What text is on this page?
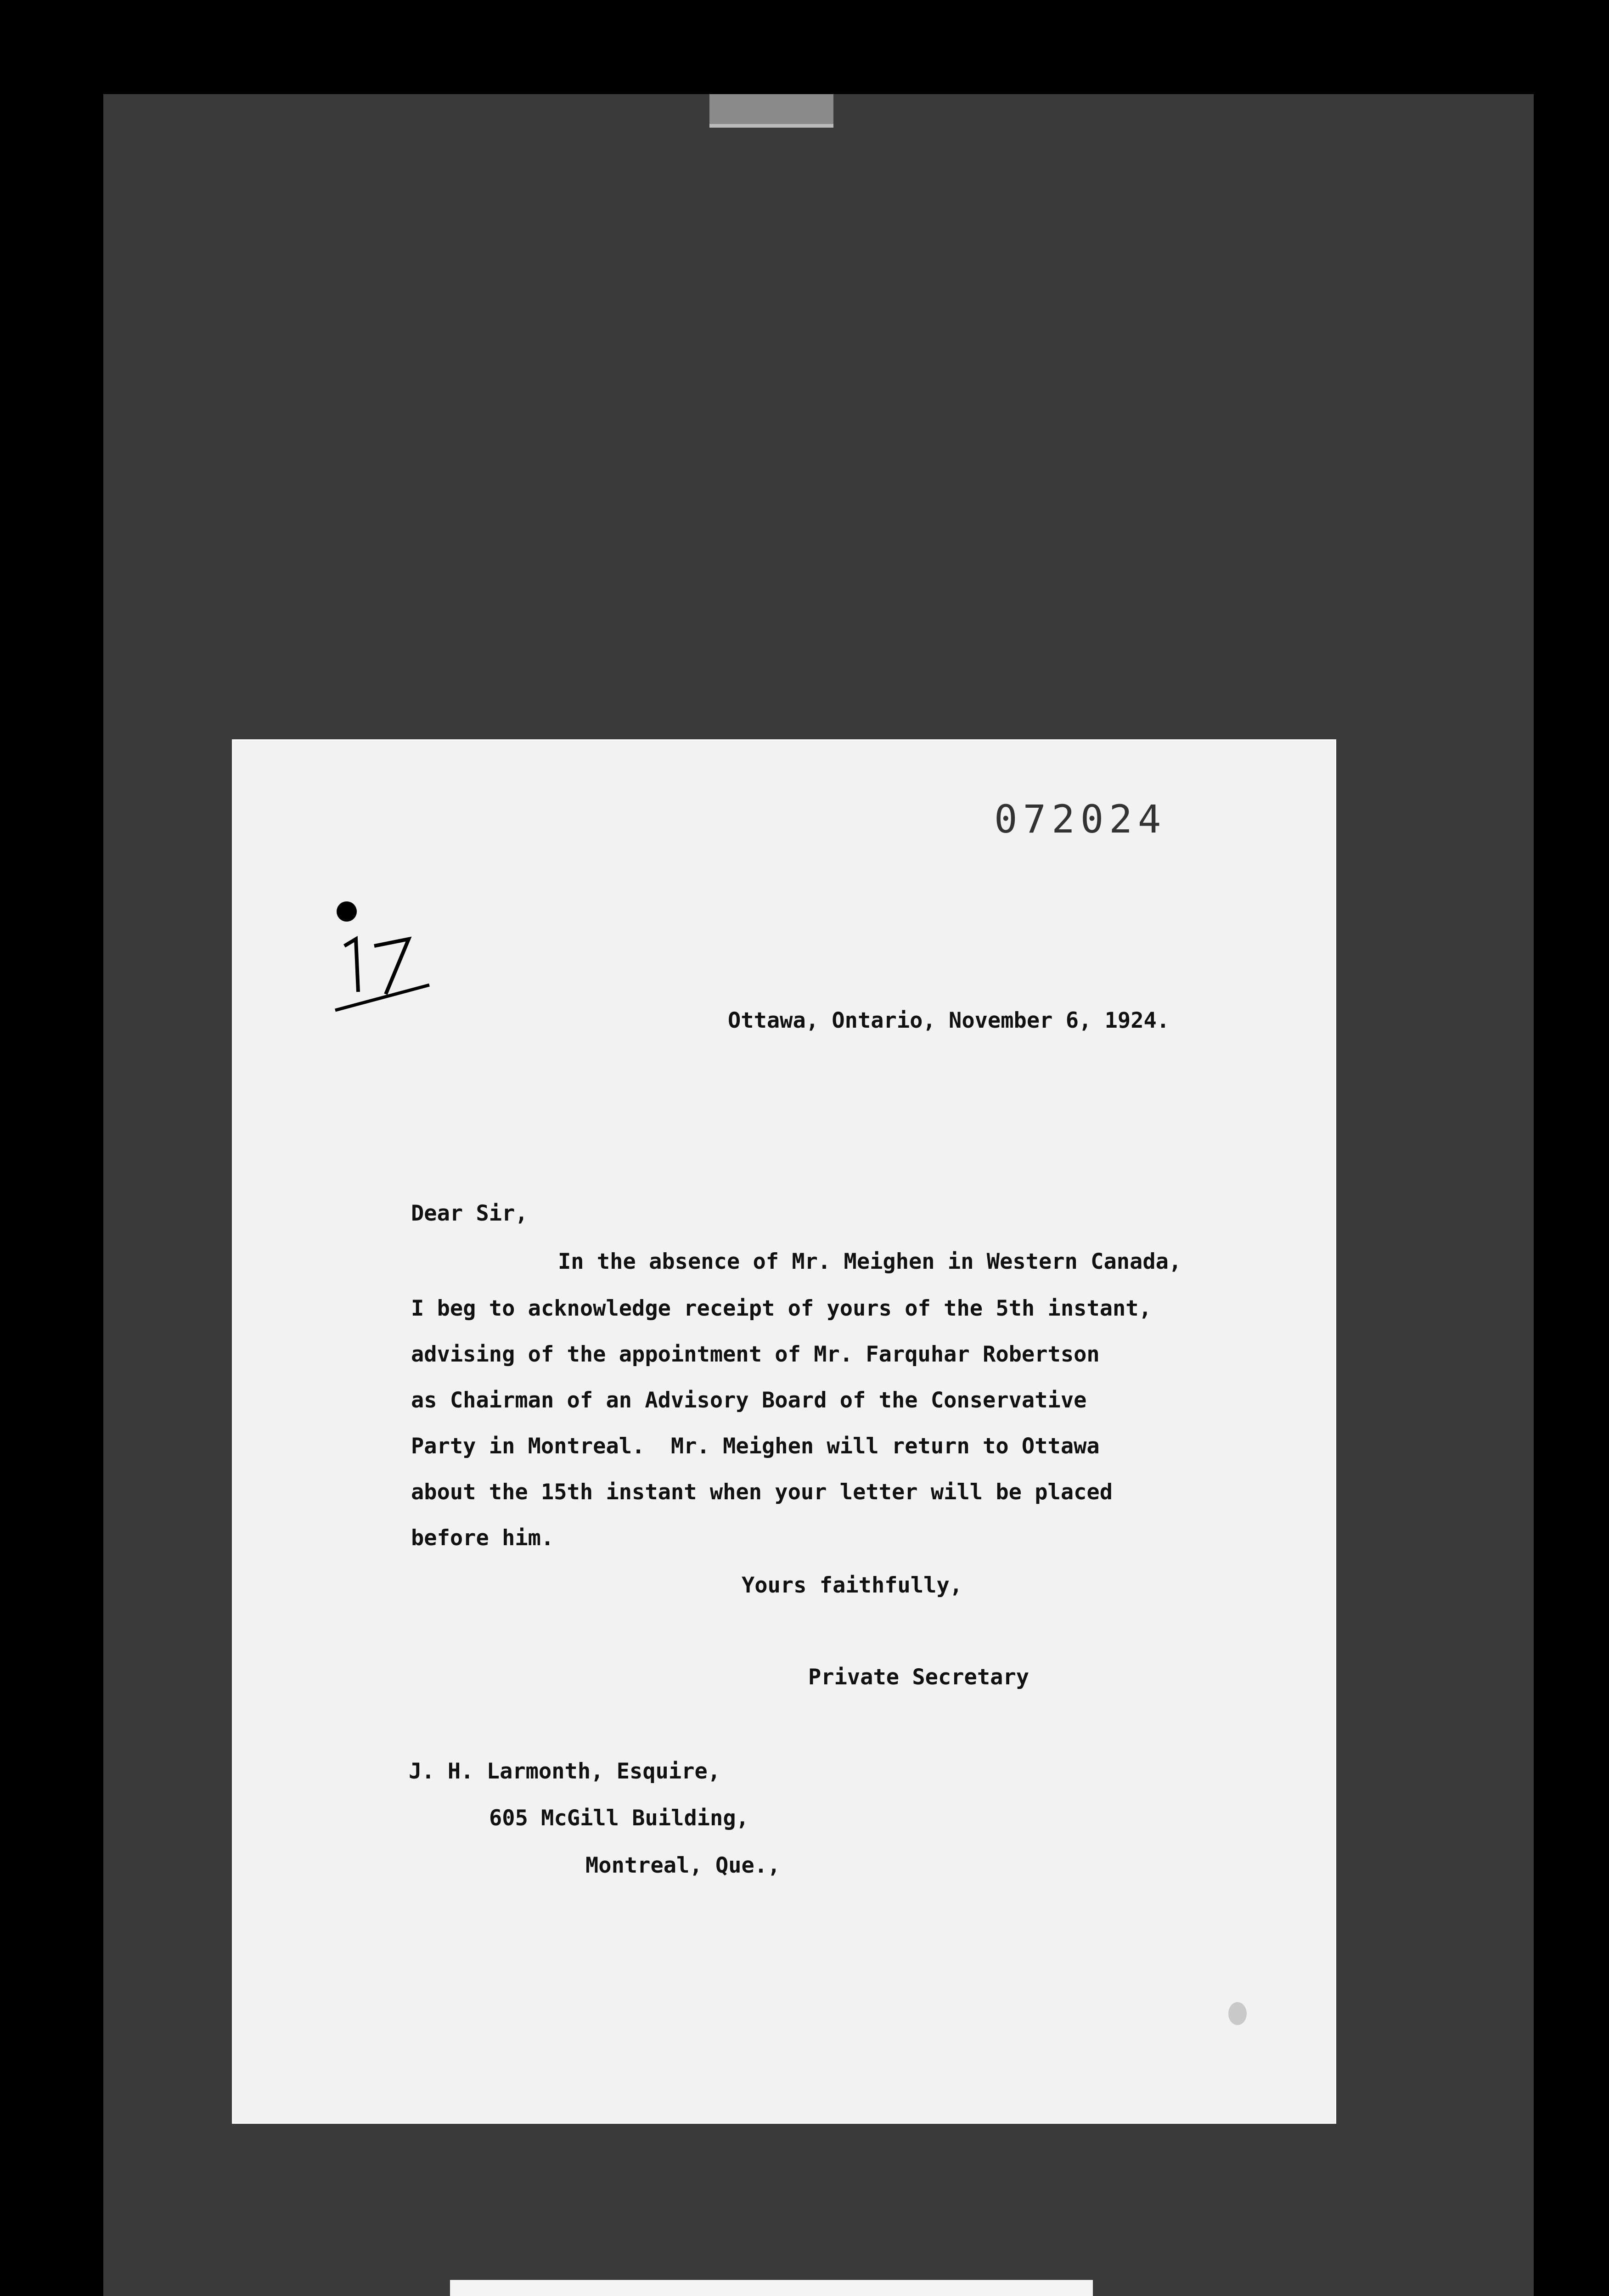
072024
Ottawa, Ontario, November 6, 1924.
Dear Sir,
In the absence of Mr. Meighen in Western Canada,
I beg to acknowledge receipt of yours of the 5th instant,
advising of the appointment of Mr. Farquhar Robertson
as Chairman of an Advisory Board of the Conservative
Party in Montreal.  Mr. Meighen will return to Ottawa
about the 15th instant when your letter will be placed
before him.
Yours faithfully,
Private Secretary
J. H. Larmonth, Esquire,
605 McGill Building,
Montreal, Que.,
